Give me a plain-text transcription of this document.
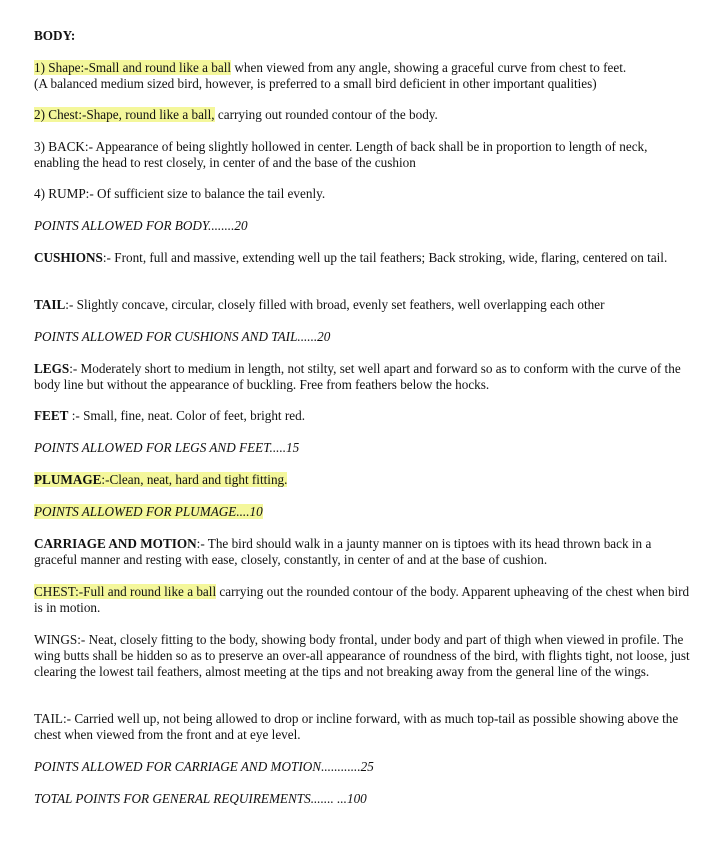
BODY:

1) Shape:-Small and round like a ball when viewed from any angle, showing a graceful curve from chest to feet.
(A balanced medium sized bird, however, is preferred to a small bird deficient in other important qualities)

2) Chest:-Shape, round like a ball, carrying out rounded contour of the body.

3) BACK:- Appearance of being slightly hollowed in center. Length of back shall be in proportion to length of neck, enabling the head to rest closely, in center of and the base of the cushion

4) RUMP:- Of sufficient size to balance the tail evenly.

POINTS ALLOWED FOR BODY........20

CUSHIONS:- Front, full and massive, extending well up the tail feathers; Back stroking, wide, flaring, centered on tail.

TAIL:- Slightly concave, circular, closely filled with broad, evenly set feathers, well overlapping each other

POINTS ALLOWED FOR CUSHIONS AND TAIL......20

LEGS:- Moderately short to medium in length, not stilty, set well apart and forward so as to conform with the curve of the body line but without the appearance of buckling. Free from feathers below the hocks.

FEET :- Small, fine, neat. Color of feet, bright red.

POINTS ALLOWED FOR LEGS AND FEET.....15

PLUMAGE:-Clean, neat, hard and tight fitting.

POINTS ALLOWED FOR PLUMAGE....10

CARRIAGE AND MOTION:- The bird should walk in a jaunty manner on is tiptoes with its head thrown back in a graceful manner and resting with ease, closely, constantly, in center of and at the base of cushion.

CHEST:-Full and round like a ball carrying out the rounded contour of the body. Apparent upheaving of the chest when bird is in motion.

WINGS:- Neat, closely fitting to the body, showing body frontal, under body and part of thigh when viewed in profile. The wing butts shall be hidden so as to preserve an over-all appearance of roundness of the bird, with flights tight, not loose, just clearing the lowest tail feathers, almost meeting at the tips and not breaking away from the general line of the wings.

TAIL:- Carried well up, not being allowed to drop or incline forward, with as much top-tail as possible showing above the chest when viewed from the front and at eye level.

POINTS ALLOWED FOR CARRIAGE AND MOTION............25

TOTAL POINTS FOR GENERAL REQUIREMENTS....... ...100
